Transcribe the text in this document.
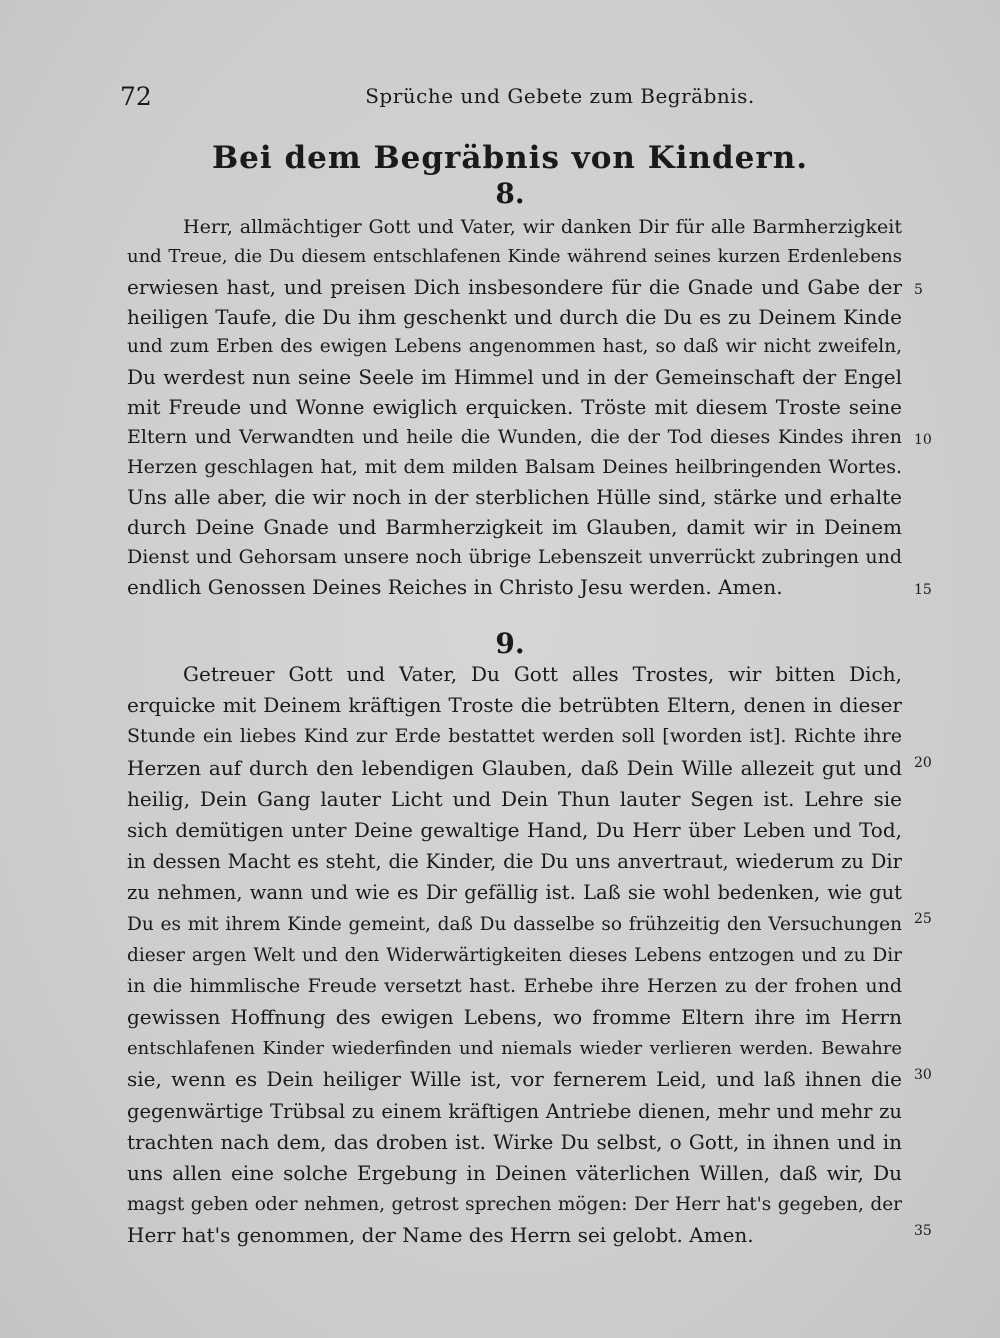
72	Sprüche und Gebete zum Begräbnis.
Bei dem Begräbnis von Kindern.
8.
Herr, allmächtiger Gott und Vater, wir danken Dir für alle Barmherzigkeit
und Treue, die Du diesem entschlafenen Kinde während seines kurzen Erdenlebens
erwiesen hast, und preisen Dich insbesondere für die Gnade und Gabe der
heiligen Taufe, die Du ihm geschenkt und durch die Du es zu Deinem Kinde
und zum Erben des ewigen Lebens angenommen hast, so daß wir nicht zweifeln,
Du werdest nun seine Seele im Himmel und in der Gemeinschaft der Engel
mit Freude und Wonne ewiglich erquicken. Tröste mit diesem Troste seine
Eltern und Verwandten und heile die Wunden, die der Tod dieses Kindes ihren
Herzen geschlagen hat, mit dem milden Balsam Deines heilbringenden Wortes.
Uns alle aber, die wir noch in der sterblichen Hülle sind, stärke und erhalte
durch Deine Gnade und Barmherzigkeit im Glauben, damit wir in Deinem
Dienst und Gehorsam unsere noch übrige Lebenszeit unverrückt zubringen und
endlich Genossen Deines Reiches in Christo Jesu werden. Amen.
9.
Getreuer Gott und Vater, Du Gott alles Trostes, wir bitten Dich,
erquicke mit Deinem kräftigen Troste die betrübten Eltern, denen in dieser
Stunde ein liebes Kind zur Erde bestattet werden soll [worden ist]. Richte ihre
Herzen auf durch den lebendigen Glauben, daß Dein Wille allezeit gut und
heilig, Dein Gang lauter Licht und Dein Thun lauter Segen ist. Lehre sie
sich demütigen unter Deine gewaltige Hand, Du Herr über Leben und Tod,
in dessen Macht es steht, die Kinder, die Du uns anvertraut, wiederum zu Dir
zu nehmen, wann und wie es Dir gefällig ist. Laß sie wohl bedenken, wie gut
Du es mit ihrem Kinde gemeint, daß Du dasselbe so frühzeitig den Versuchungen
dieser argen Welt und den Widerwärtigkeiten dieses Lebens entzogen und zu Dir
in die himmlische Freude versetzt hast. Erhebe ihre Herzen zu der frohen und
gewissen Hoffnung des ewigen Lebens, wo fromme Eltern ihre im Herrn
entschlafenen Kinder wiederfinden und niemals wieder verlieren werden. Bewahre
sie, wenn es Dein heiliger Wille ist, vor fernerem Leid, und laß ihnen die
gegenwärtige Trübsal zu einem kräftigen Antriebe dienen, mehr und mehr zu
trachten nach dem, das droben ist. Wirke Du selbst, o Gott, in ihnen und in
uns allen eine solche Ergebung in Deinen väterlichen Willen, daß wir, Du
magst geben oder nehmen, getrost sprechen mögen: Der Herr hat's gegeben, der
Herr hat's genommen, der Name des Herrn sei gelobt. Amen.
5
10
15
20
25
30
35
